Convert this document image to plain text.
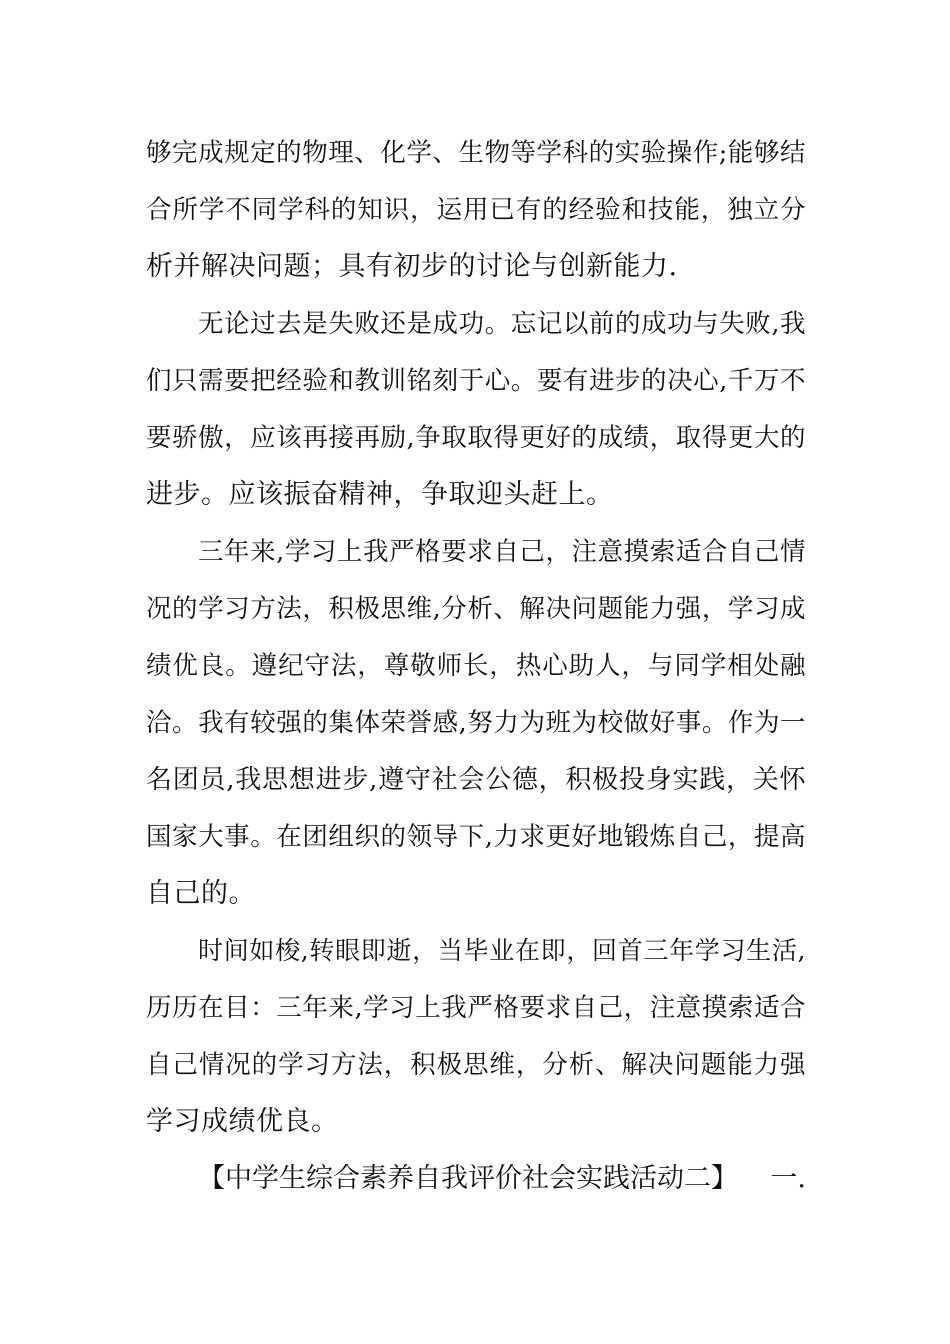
够完成规定的物理、化学、生物等学科的实验操作;能够结
合所学不同学科的知识，运用已有的经验和技能，独立分
析并解决问题；具有初步的讨论与创新能力.
无论过去是失败还是成功。忘记以前的成功与失败,我
们只需要把经验和教训铭刻于心。要有进步的决心,千万不
要骄傲，应该再接再励,争取取得更好的成绩，取得更大的
进步。应该振奋精神，争取迎头赶上。
三年来,学习上我严格要求自己，注意摸索适合自己情
况的学习方法，积极思维,分析、解决问题能力强，学习成
绩优良。遵纪守法，尊敬师长，热心助人，与同学相处融
洽。我有较强的集体荣誉感,努力为班为校做好事。作为一
名团员,我思想进步,遵守社会公德，积极投身实践，关怀
国家大事。在团组织的领导下,力求更好地锻炼自己，提高
自己的。
时间如梭,转眼即逝，当毕业在即，回首三年学习生活,
历历在目：三年来,学习上我严格要求自己，注意摸索适合
自己情况的学习方法，积极思维，分析、解决问题能力强
学习成绩优良。
【中学生综合素养自我评价社会实践活动二】 一.
